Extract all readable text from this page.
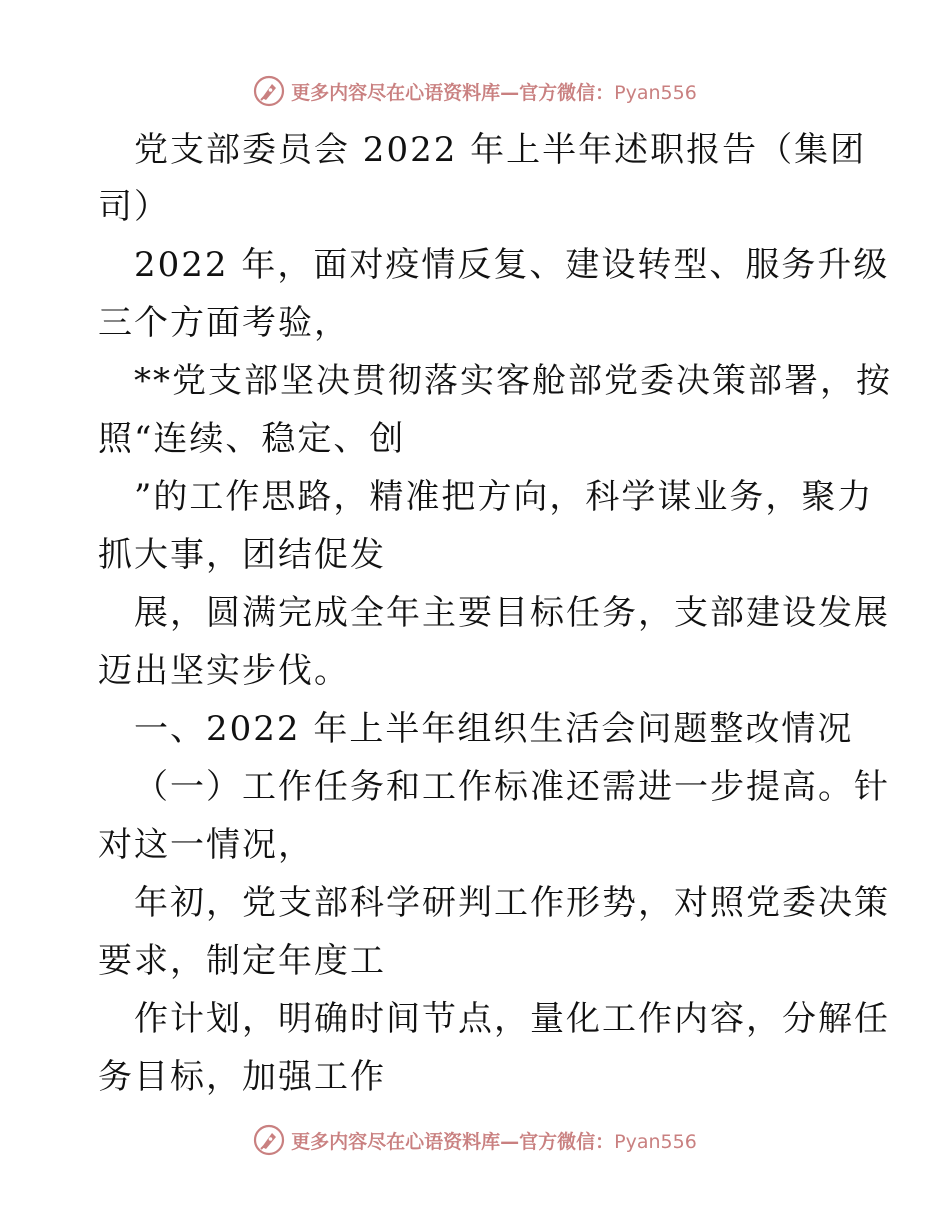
更多内容尽在心语资料库—官方微信：Pyan556
党支部委员会 2022 年上半年述职报告（集团
司）
2022 年，面对疫情反复、建设转型、服务升级
三个方面考验，
**党支部坚决贯彻落实客舱部党委决策部署，按
照“连续、稳定、创
”的工作思路，精准把方向，科学谋业务，聚力
抓大事，团结促发
展，圆满完成全年主要目标任务，支部建设发展
迈出坚实步伐。
一、2022 年上半年组织生活会问题整改情况
（一）工作任务和工作标准还需进一步提高。针
对这一情况，
年初，党支部科学研判工作形势，对照党委决策
要求，制定年度工
作计划，明确时间节点，量化工作内容，分解任
务目标，加强工作
更多内容尽在心语资料库—官方微信：Pyan556
